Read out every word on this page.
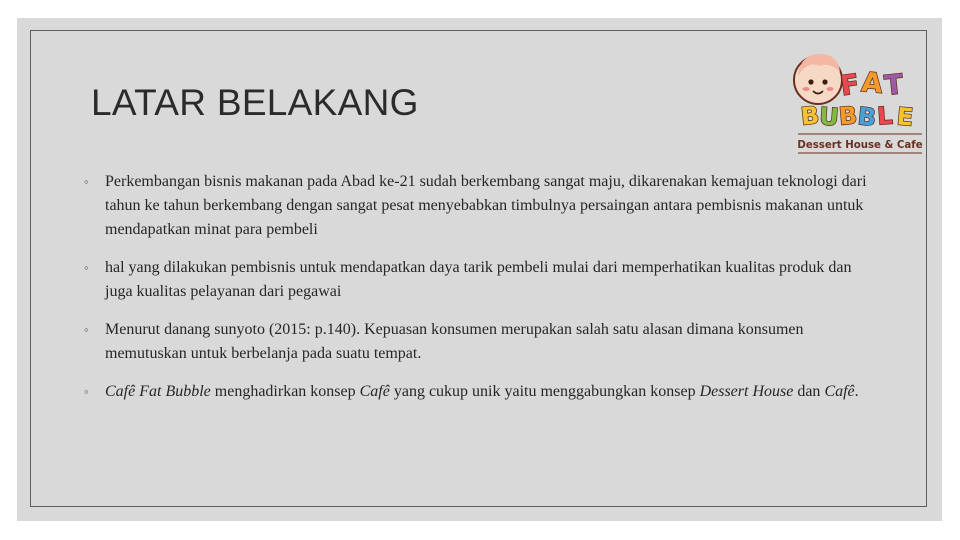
LATAR BELAKANG	F A T
B
U
B
B
L E
Dessert House & Cafe
◦ Perkembangan bisnis makanan pada Abad ke-21 sudah berkembang sangat maju, dikarenakan kemajuan teknologi dari tahun ke tahun berkembang dengan sangat pesat menyebabkan timbulnya persaingan antara pembisnis makanan untuk mendapatkan minat para pembeli
◦ hal yang dilakukan pembisnis untuk mendapatkan daya tarik pembeli mulai dari memperhatikan kualitas produk dan juga kualitas pelayanan dari pegawai
◦ Menurut danang sunyoto (2015: p.140). Kepuasan konsumen merupakan salah satu alasan dimana konsumen memutuskan untuk berbelanja pada suatu tempat.
◦ Cafê Fat Bubble menghadirkan konsep Cafê yang cukup unik yaitu menggabungkan konsep Dessert House dan Cafê.
